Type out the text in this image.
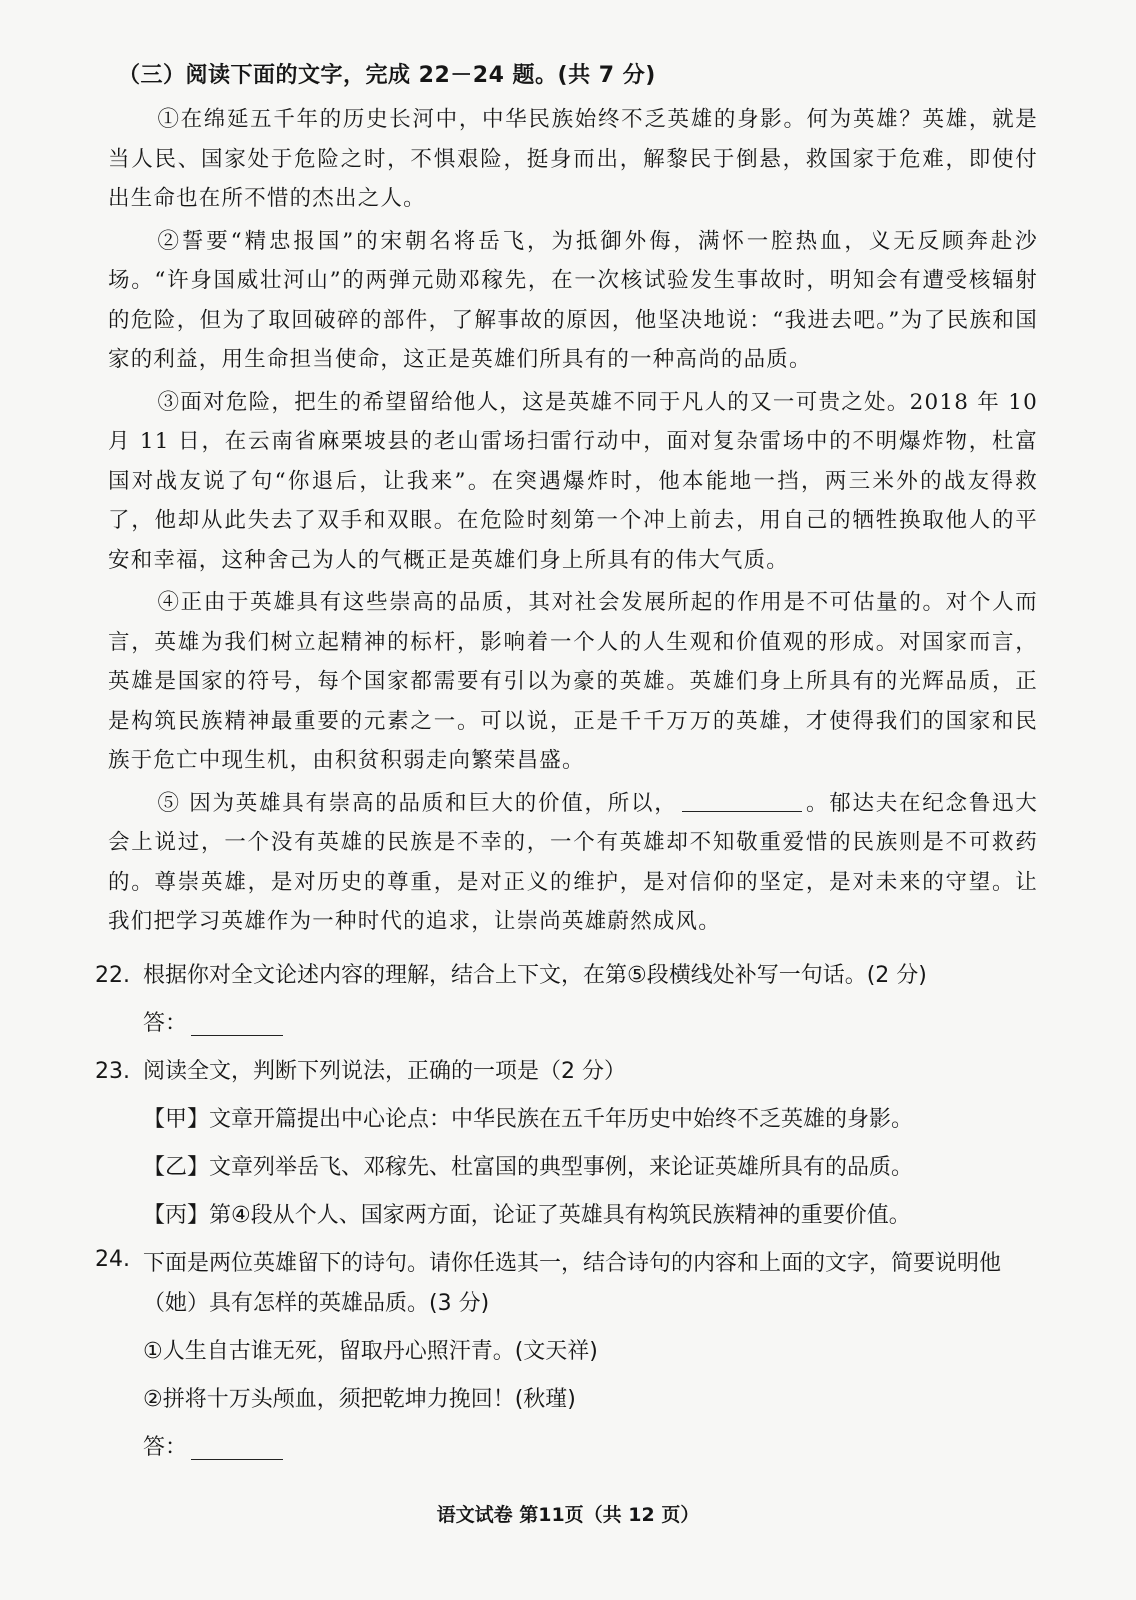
（三）阅读下面的文字，完成 22－24 题。(共 7 分)

①在绵延五千年的历史长河中，中华民族始终不乏英雄的身影。何为英雄？英雄，就是当人民、国家处于危险之时，不惧艰险，挺身而出，解黎民于倒悬，救国家于危难，即使付出生命也在所不惜的杰出之人。

②誓要“精忠报国”的宋朝名将岳飞，为抵御外侮，满怀一腔热血，义无反顾奔赴沙场。“许身国威壮河山”的两弹元勋邓稼先，在一次核试验发生事故时，明知会有遭受核辐射的危险，但为了取回破碎的部件，了解事故的原因，他坚决地说：“我进去吧。”为了民族和国家的利益，用生命担当使命，这正是英雄们所具有的一种高尚的品质。

③面对危险，把生的希望留给他人，这是英雄不同于凡人的又一可贵之处。2018 年 10 月 11 日，在云南省麻栗坡县的老山雷场扫雷行动中，面对复杂雷场中的不明爆炸物，杜富国对战友说了句“你退后，让我来”。在突遇爆炸时，他本能地一挡，两三米外的战友得救了，他却从此失去了双手和双眼。在危险时刻第一个冲上前去，用自己的牺牲换取他人的平安和幸福，这种舍己为人的气概正是英雄们身上所具有的伟大气质。

④正由于英雄具有这些崇高的品质，其对社会发展所起的作用是不可估量的。对个人而言，英雄为我们树立起精神的标杆，影响着一个人的人生观和价值观的形成。对国家而言，英雄是国家的符号，每个国家都需要有引以为豪的英雄。英雄们身上所具有的光辉品质，正是构筑民族精神最重要的元素之一。可以说，正是千千万万的英雄，才使得我们的国家和民族于危亡中现生机，由积贫积弱走向繁荣昌盛。

⑤ 因为英雄具有崇高的品质和巨大的价值，所以，	。郁达夫在纪念鲁迅大会上说过，一个没有英雄的民族是不幸的，一个有英雄却不知敬重爱惜的民族则是不可救药的。尊崇英雄，是对历史的尊重，是对正义的维护，是对信仰的坚定，是对未来的守望。让我们把学习英雄作为一种时代的追求，让崇尚英雄蔚然成风。

22. 根据你对全文论述内容的理解，结合上下文，在第⑤段横线处补写一句话。(2 分)
答：
23. 阅读全文，判断下列说法，正确的一项是（2 分）
【甲】文章开篇提出中心论点：中华民族在五千年历史中始终不乏英雄的身影。
【乙】文章列举岳飞、邓稼先、杜富国的典型事例，来论证英雄所具有的品质。
【丙】第④段从个人、国家两方面，论证了英雄具有构筑民族精神的重要价值。
24. 下面是两位英雄留下的诗句。请你任选其一，结合诗句的内容和上面的文字，简要说明他（她）具有怎样的英雄品质。(3 分)
①人生自古谁无死，留取丹心照汗青。(文天祥)
②拼将十万头颅血，须把乾坤力挽回！(秋瑾)
答：
语文试卷 第11页（共 12 页）
